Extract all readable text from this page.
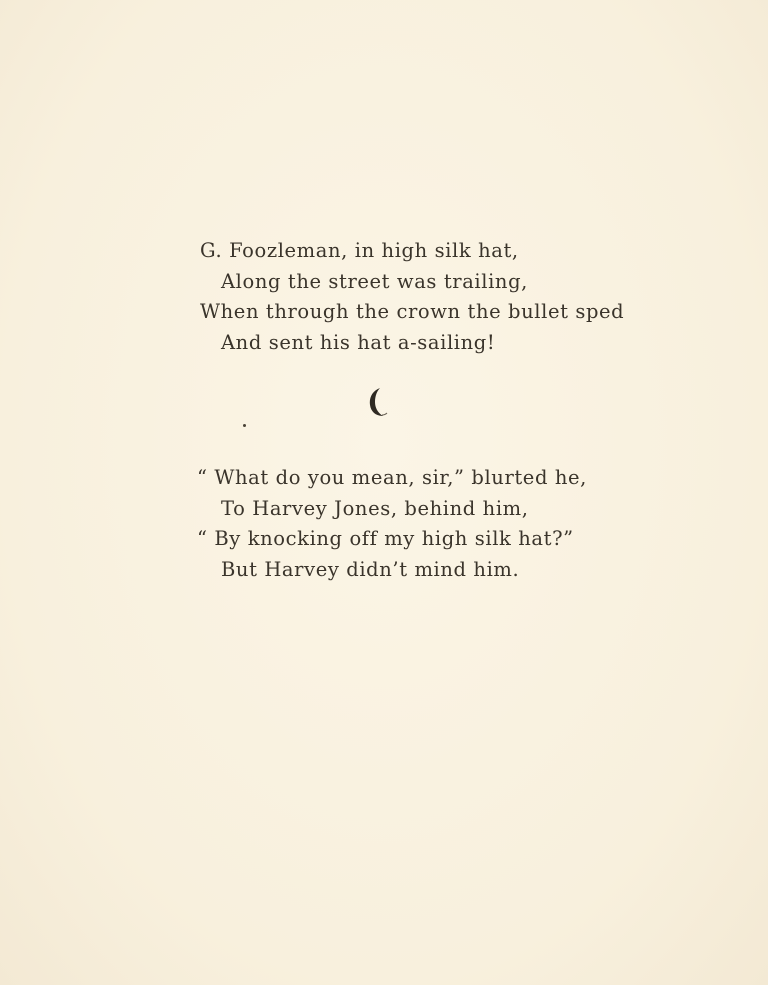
G. Foozleman, in high silk hat,
Along the street was trailing,
When through the crown the bullet sped
And sent his hat a-sailing!
“ What do you mean, sir,” blurted he,
To Harvey Jones, behind him,
“ By knocking off my high silk hat?”
But Harvey didn’t mind him.
